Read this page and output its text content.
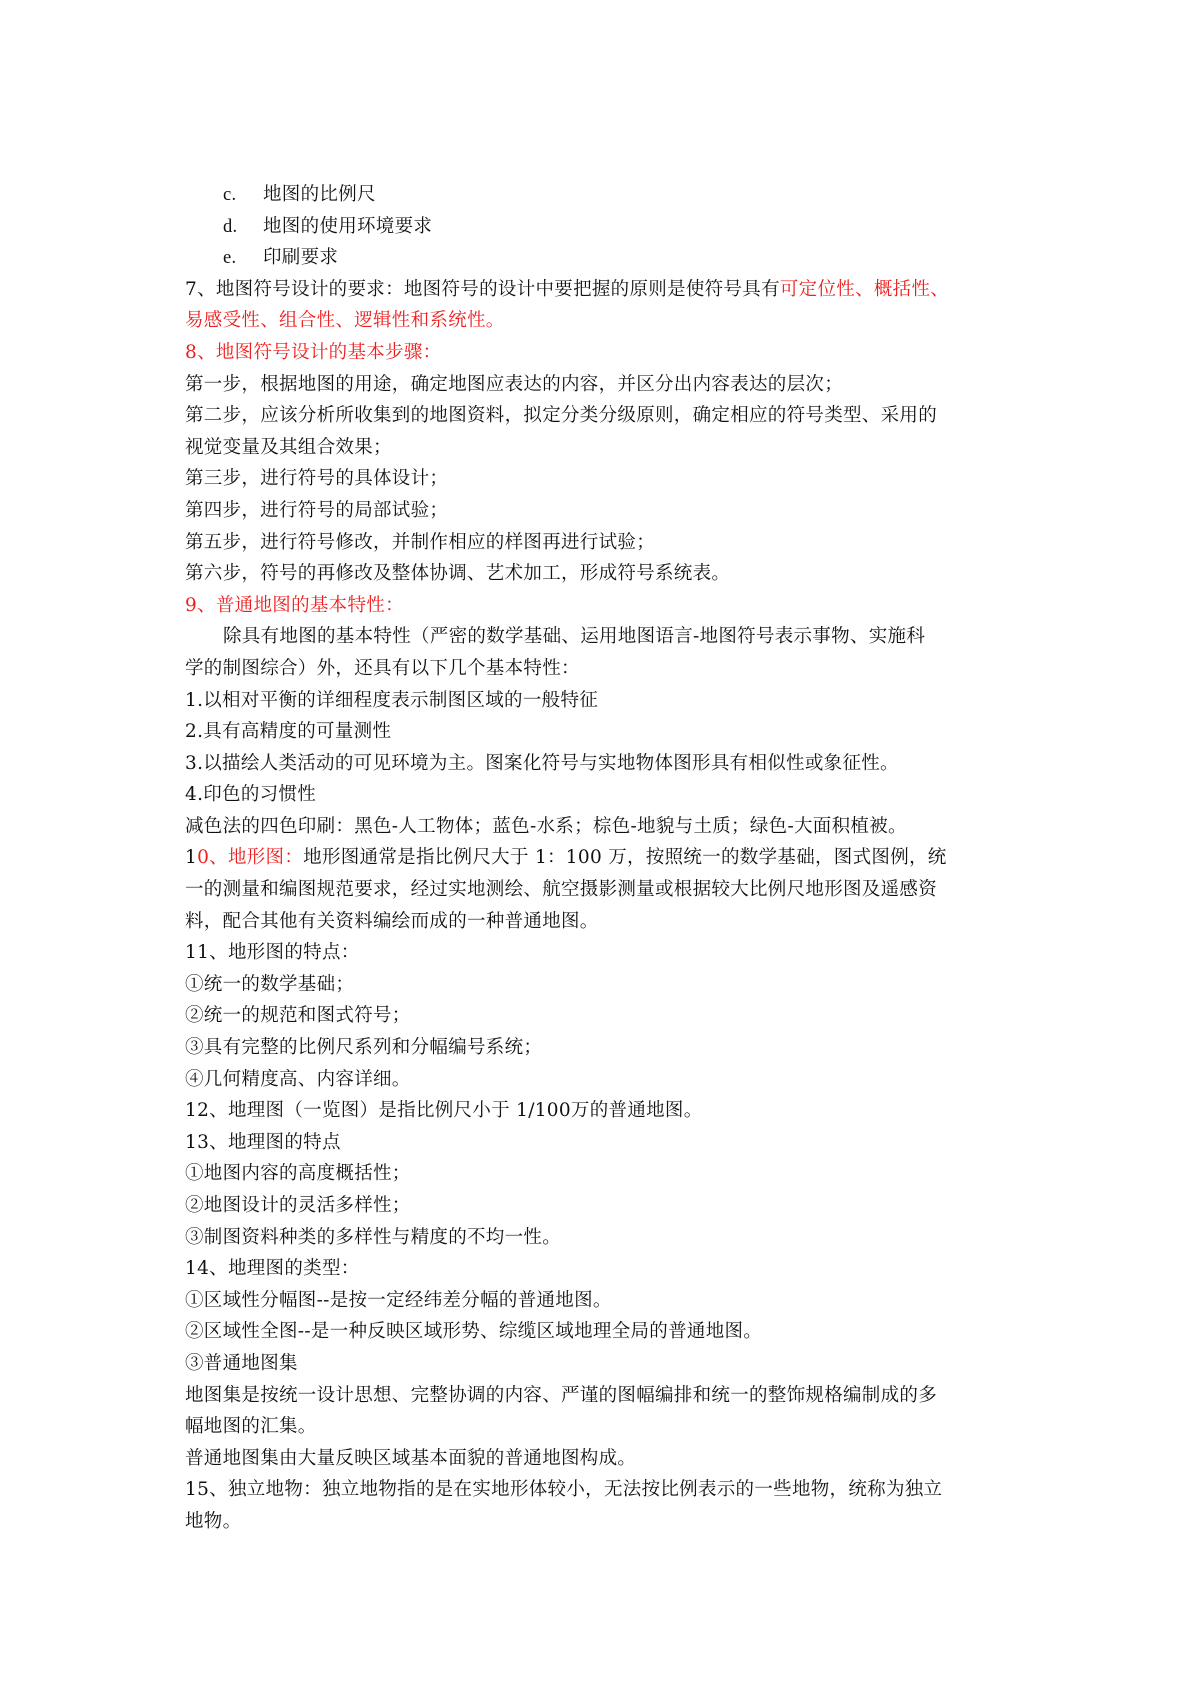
c. 地图的比例尺
d. 地图的使用环境要求
e. 印刷要求
7、地图符号设计的要求：地图符号的设计中要把握的原则是使符号具有可定位性、概括性、
易感受性、组合性、逻辑性和系统性。
8、地图符号设计的基本步骤：
第一步，根据地图的用途，确定地图应表达的内容，并区分出内容表达的层次；
第二步，应该分析所收集到的地图资料，拟定分类分级原则，确定相应的符号类型、采用的
视觉变量及其组合效果；
第三步，进行符号的具体设计；
第四步，进行符号的局部试验；
第五步，进行符号修改，并制作相应的样图再进行试验；
第六步，符号的再修改及整体协调、艺术加工，形成符号系统表。
9、普通地图的基本特性：
除具有地图的基本特性（严密的数学基础、运用地图语言-地图符号表示事物、实施科
学的制图综合）外，还具有以下几个基本特性：
1.以相对平衡的详细程度表示制图区域的一般特征
2.具有高精度的可量测性
3.以描绘人类活动的可见环境为主。图案化符号与实地物体图形具有相似性或象征性。
4.印色的习惯性
减色法的四色印刷：黑色-人工物体；蓝色-水系；棕色-地貌与土质；绿色-大面积植被。
10、地形图：地形图通常是指比例尺大于 1：100 万，按照统一的数学基础，图式图例，统
一的测量和编图规范要求，经过实地测绘、航空摄影测量或根据较大比例尺地形图及遥感资
料，配合其他有关资料编绘而成的一种普通地图。
11、地形图的特点：
①统一的数学基础；
②统一的规范和图式符号；
③具有完整的比例尺系列和分幅编号系统；
④几何精度高、内容详细。
12、地理图（一览图）是指比例尺小于 1/100万的普通地图。
13、地理图的特点
①地图内容的高度概括性；
②地图设计的灵活多样性；
③制图资料种类的多样性与精度的不均一性。
14、地理图的类型：
①区域性分幅图--是按一定经纬差分幅的普通地图。
②区域性全图--是一种反映区域形势、综缆区域地理全局的普通地图。
③普通地图集
地图集是按统一设计思想、完整协调的内容、严谨的图幅编排和统一的整饰规格编制成的多
幅地图的汇集。
普通地图集由大量反映区域基本面貌的普通地图构成。
15、独立地物：独立地物指的是在实地形体较小，无法按比例表示的一些地物，统称为独立
地物。
